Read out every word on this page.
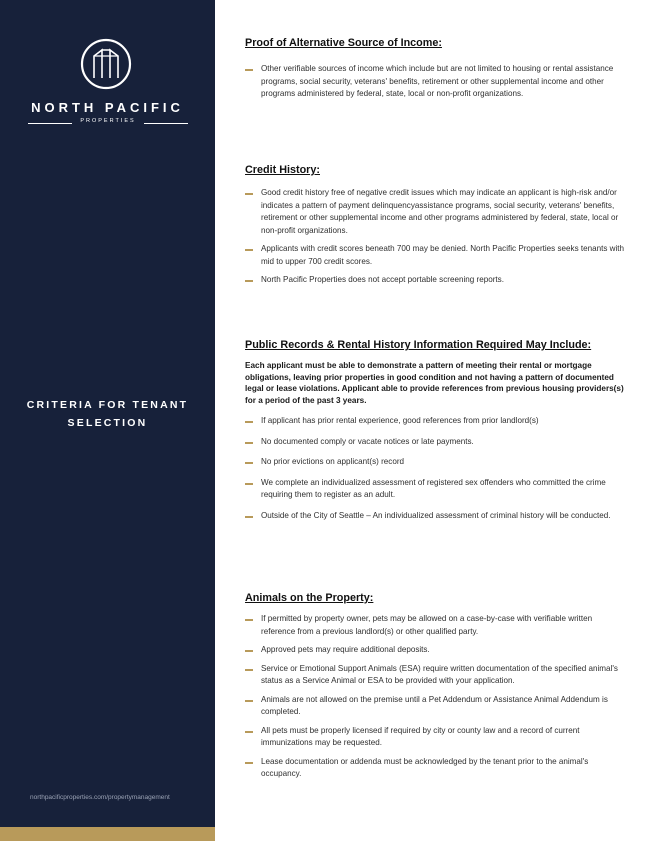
NORTH PACIFIC
PROPERTIES
CRITERIA FOR TENANT
SELECTION
northpacificproperties.com/propertymanagement

Proof of Alternative Source of Income:

Other verifiable sources of income which include but are not limited to housing or rental assistance programs, social security, veterans' benefits, retirement or other supplemental income and other programs administered by federal, state, local or non-profit organizations.

Credit History:

Good credit history free of negative credit issues which may indicate an applicant is high-risk and/or indicates a pattern of payment delinquencyassistance programs, social security, veterans' benefits, retirement or other supplemental income and other programs administered by federal, state, local or non-profit organizations.
Applicants with credit scores beneath 700 may be denied. North Pacific Properties seeks tenants with mid to upper 700 credit scores.
North Pacific Properties does not accept portable screening reports.

Public Records & Rental History Information Required May Include:

Each applicant must be able to demonstrate a pattern of meeting their rental or mortgage obligations, leaving prior properties in good condition and not having a pattern of documented legal or lease violations. Applicant able to provide references from previous housing providers(s) for a period of the past 3 years.
If applicant has prior rental experience, good references from prior landlord(s)
No documented comply or vacate notices or late payments.
No prior evictions on applicant(s) record
We complete an individualized assessment of registered sex offenders who committed the crime requiring them to register as an adult.
Outside of the City of Seattle – An individualized assessment of criminal history will be conducted.

Animals on the Property:

If permitted by property owner, pets may be allowed on a case-by-case with verifiable written reference from a previous landlord(s) or other qualified party.
Approved pets may require additional deposits.
Service or Emotional Support Animals (ESA) require written documentation of the specified animal's status as a Service Animal or ESA to be provided with your application.
Animals are not allowed on the premise until a Pet Addendum or Assistance Animal Addendum is completed.
All pets must be properly licensed if required by city or county law and a record of current immunizations may be requested.
Lease documentation or addenda must be acknowledged by the tenant prior to the animal's occupancy.
